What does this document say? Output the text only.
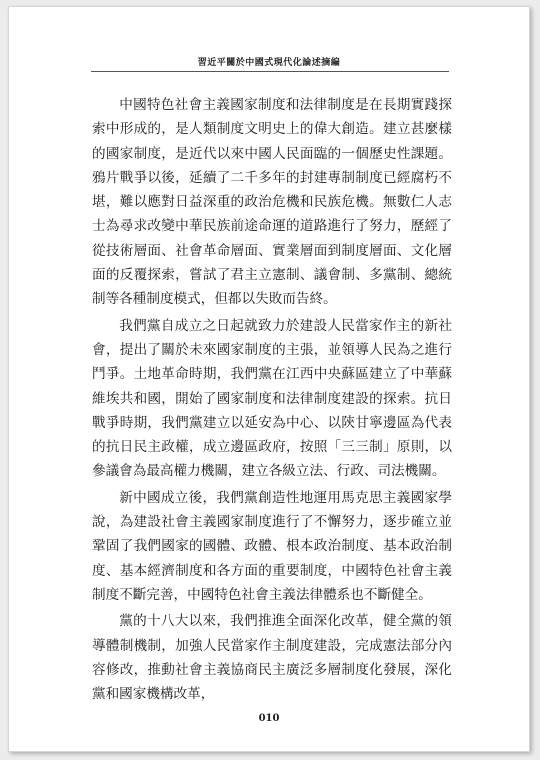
習近平關於中國式現代化論述摘編

中國特色社會主義國家制度和法律制度是在長期實踐探索中形成的，是人類制度文明史上的偉大創造。建立甚麼樣的國家制度，是近代以來中國人民面臨的一個歷史性課題。鴉片戰爭以後，延續了二千多年的封建專制制度已經腐朽不堪，難以應對日益深重的政治危機和民族危機。無數仁人志士為尋求改變中華民族前途命運的道路進行了努力，歷經了從技術層面、社會革命層面、實業層面到制度層面、文化層面的反覆探索，嘗試了君主立憲制、議會制、多黨制、總統制等各種制度模式，但都以失敗而告終。

我們黨自成立之日起就致力於建設人民當家作主的新社會，提出了關於未來國家制度的主張，並領導人民為之進行鬥爭。土地革命時期，我們黨在江西中央蘇區建立了中華蘇維埃共和國，開始了國家制度和法律制度建設的探索。抗日戰爭時期，我們黨建立以延安為中心、以陝甘寧邊區為代表的抗日民主政權，成立邊區政府，按照「三三制」原則，以參議會為最高權力機關，建立各級立法、行政、司法機關。

新中國成立後，我們黨創造性地運用馬克思主義國家學說，為建設社會主義國家制度進行了不懈努力，逐步確立並鞏固了我們國家的國體、政體、根本政治制度、基本政治制度、基本經濟制度和各方面的重要制度，中國特色社會主義制度不斷完善，中國特色社會主義法律體系也不斷健全。

黨的十八大以來，我們推進全面深化改革，健全黨的領導體制機制，加強人民當家作主制度建設，完成憲法部分內容修改，推動社會主義協商民主廣泛多層制度化發展，深化黨和國家機構改革，

010
